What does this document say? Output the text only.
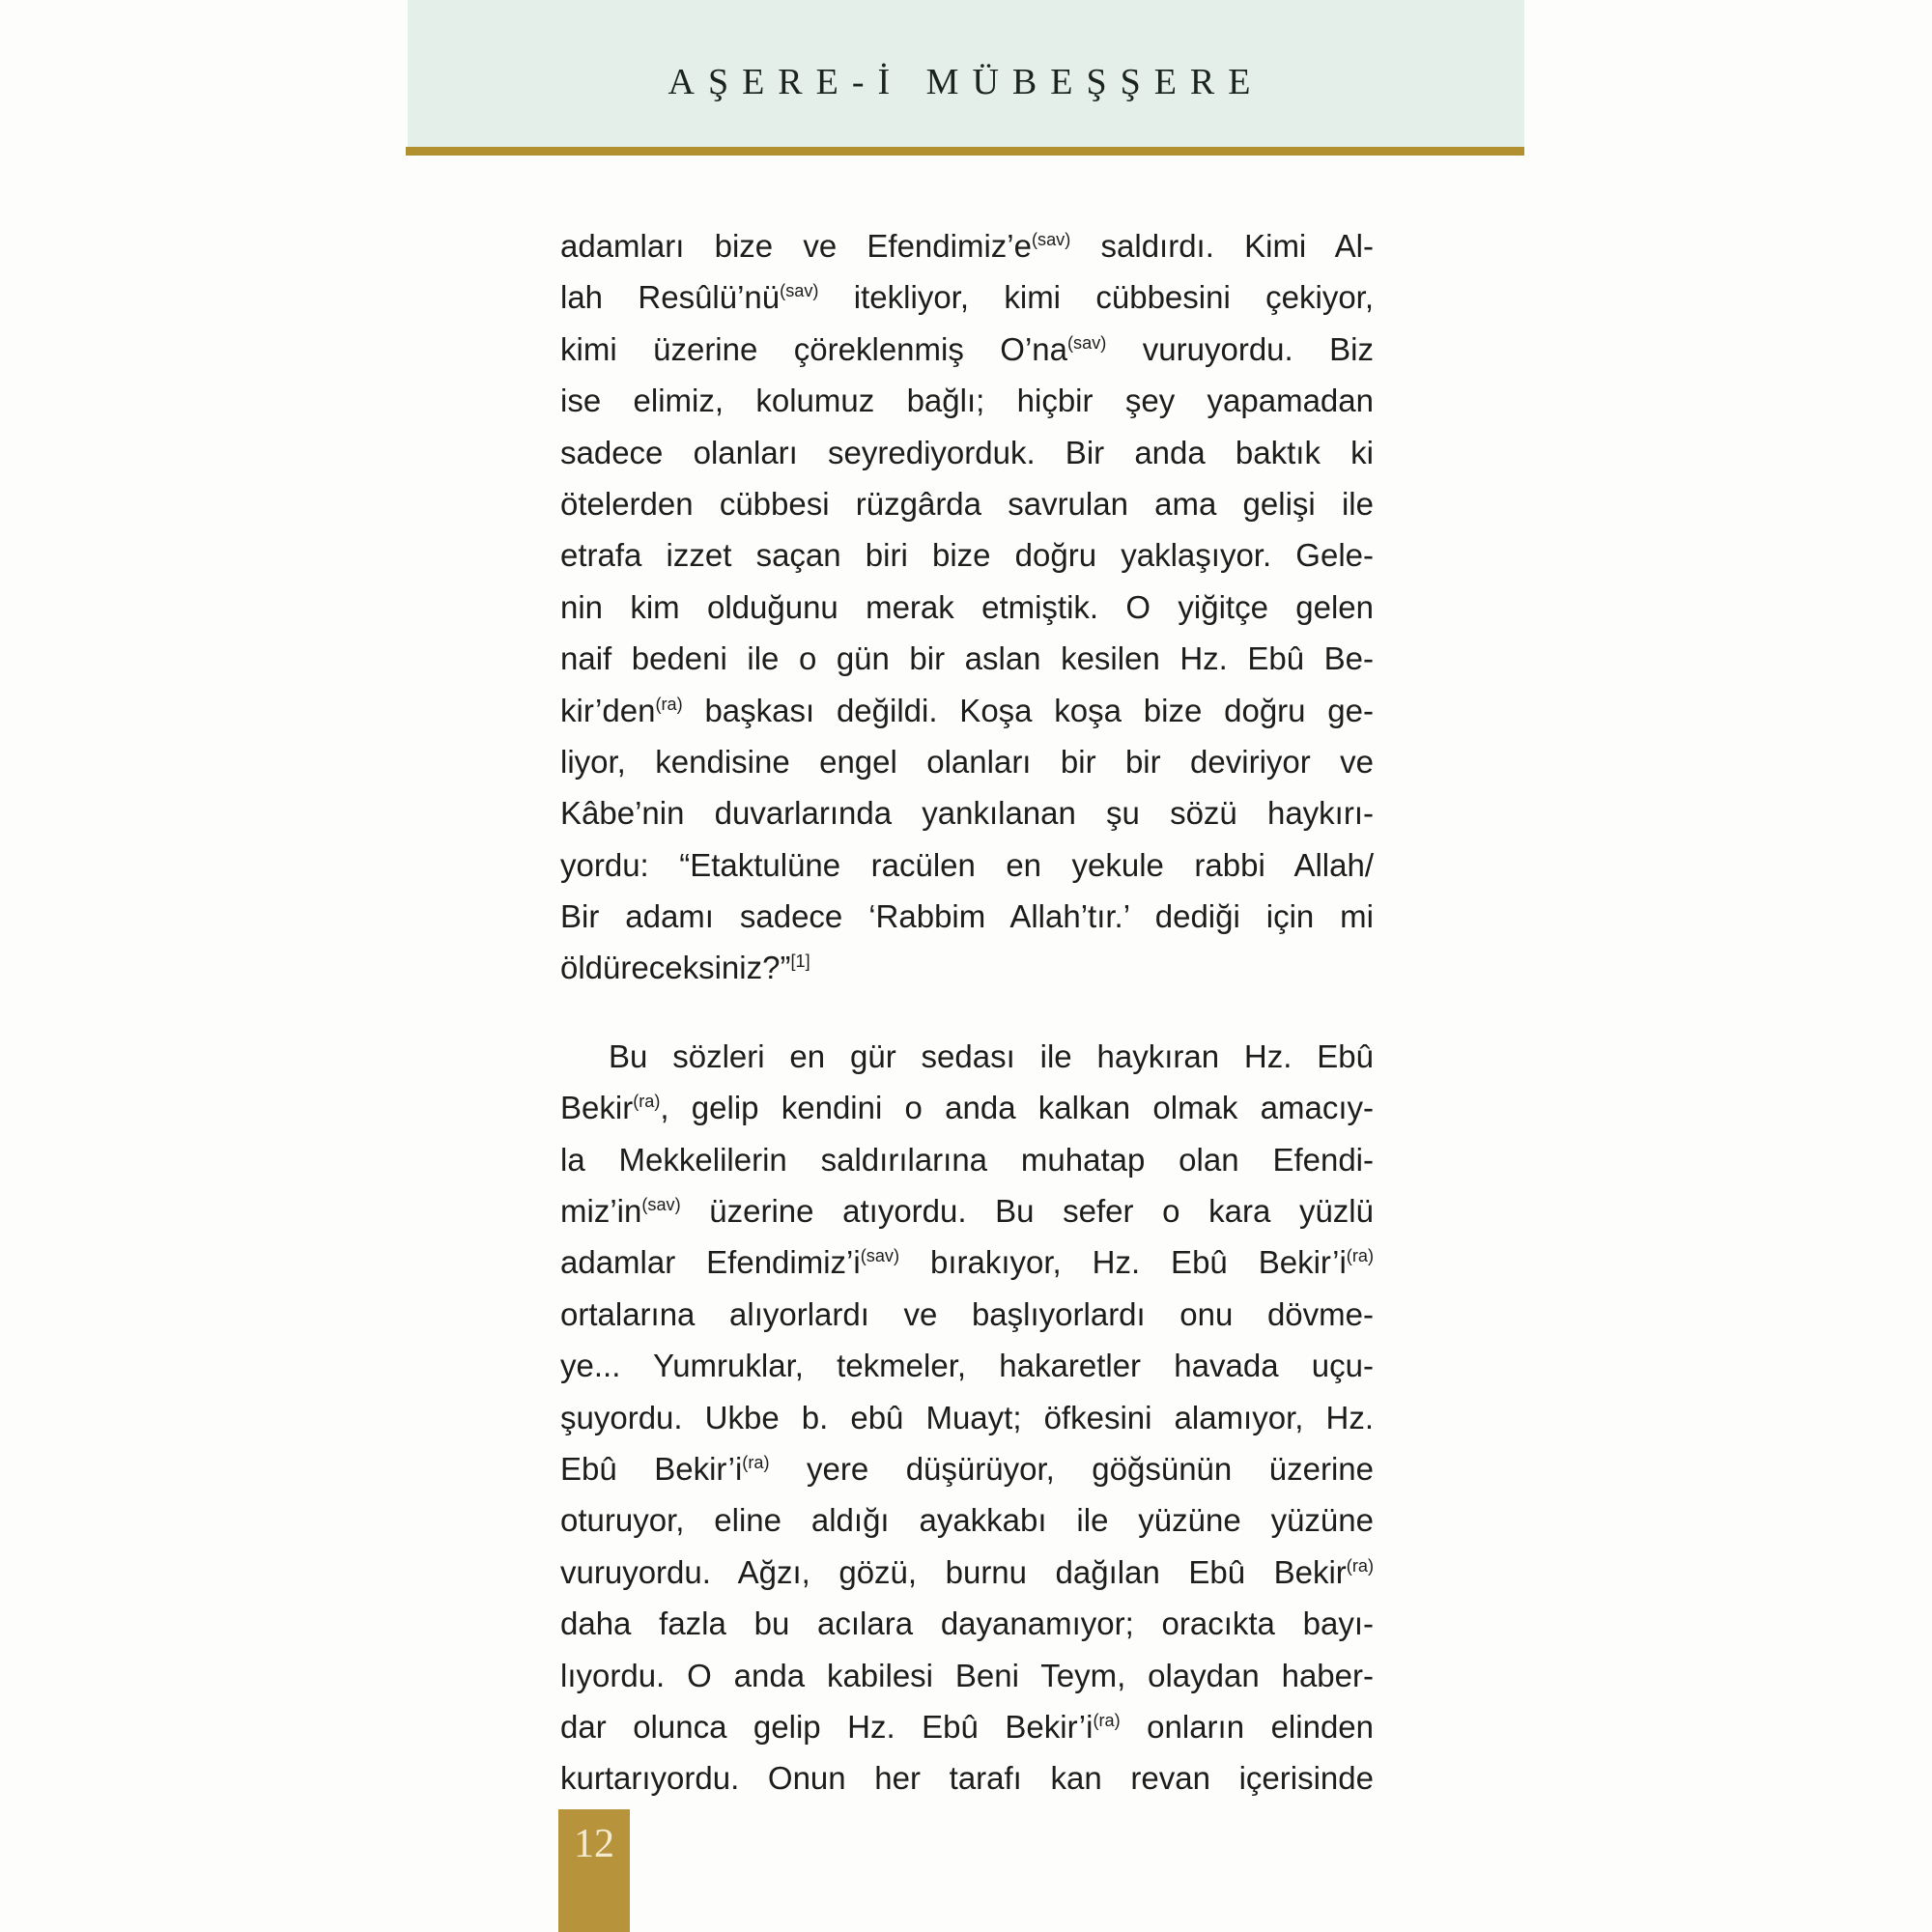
AŞERE-İ MÜBEŞŞERE
adamları bize ve $Efendimiz’e^{(sav)}$ saldırdı. Kimi Al-
lah $Resûlü’nü^{(sav)}$ itekliyor, kimi cübbesini çekiyor,
kimi üzerine çöreklenmiş $O’na^{(sav)}$ vuruyordu. Biz
ise elimiz, kolumuz bağlı; hiçbir şey yapamadan
sadece olanları seyrediyorduk. Bir anda baktık ki
ötelerden cübbesi rüzgârda savrulan ama gelişi ile
etrafa izzet saçan biri bize doğru yaklaşıyor. Gele-
nin kim olduğunu merak etmiştik. O yiğitçe gelen
naif bedeni ile o gün bir aslan kesilen Hz. Ebû Be-
kir’den$^{(ra)}$ başkası değildi. Koşa koşa bize doğru ge-
liyor, kendisine engel olanları bir bir deviriyor ve
Kâbe’nin duvarlarında yankılanan şu sözü haykırı-
yordu: “Etaktulüne racülen en yekule rabbi Allah/
Bir adamı sadece ‘Rabbim Allah’tır.’ dediği için mi
öldüreceksiniz?”[1]
Bu sözleri en gür sedası ile haykıran Hz. Ebû
Bekir$^{(ra)}$, gelip kendini o anda kalkan olmak amacıy-
la Mekkelilerin saldırılarına muhatap olan Efendi-
$miz’in^{(sav)}$ üzerine atıyordu. Bu sefer o kara yüzlü
adamlar $Efendimiz’i^{(sav)}$ bırakıyor, Hz. Ebû $Bekir’i^{(ra)}$
ortalarına alıyorlardı ve başlıyorlardı onu dövme-
ye... Yumruklar, tekmeler, hakaretler havada uçu-
şuyordu. Ukbe b. ebû Muayt; öfkesini alamıyor, Hz.
Ebû $Bekir’i^{(ra)}$ yere düşürüyor, göğsünün üzerine
oturuyor, eline aldığı ayakkabı ile yüzüne yüzüne
vuruyordu. Ağzı, gözü, burnu dağılan Ebû Bekir$^{(ra)}$
daha fazla bu acılara dayanamıyor; oracıkta bayı-
lıyordu. O anda kabilesi Beni Teym, olaydan haber-
dar olunca gelip Hz. Ebû $Bekir’i^{(ra)}$ onların elinden
kurtarıyordu. Onun her tarafı kan revan içerisinde
12
